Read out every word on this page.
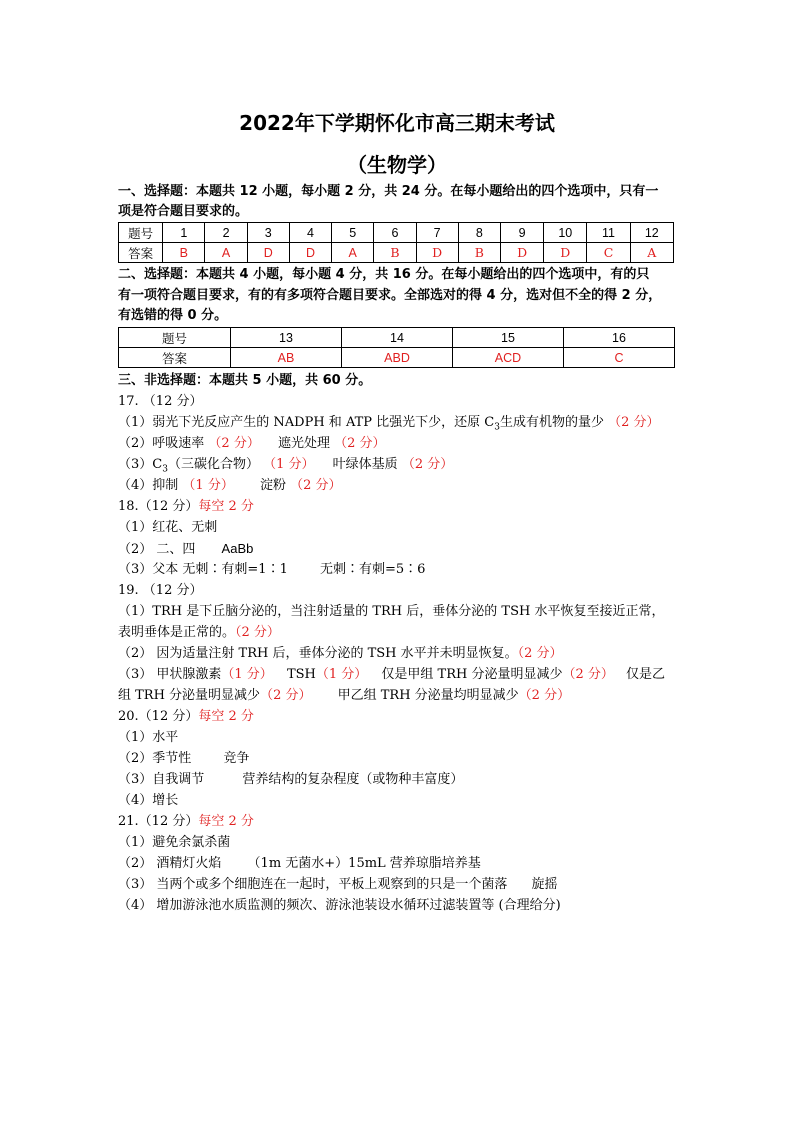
2022年下学期怀化市高三期末考试
（生物学）
一、选择题：本题共 12 小题，每小题 2 分，共 24 分。在每小题给出的四个选项中，只有一
项是符合题目要求的。
题号	1	2	3	4	5	6	7	8	9	10	11	12
答案	B	A	D	D	A	B	D	B	D	D	C	A
二、选择题：本题共 4 小题，每小题 4 分，共 16 分。在每小题给出的四个选项中，有的只
有一项符合题目要求，有的有多项符合题目要求。全部选对的得 4 分，选对但不全的得 2 分，
有选错的得 0 分。
题号	13	14	15	16
答案	AB	ABD	ACD	C
三、非选择题：本题共 5 小题，共 60 分。
17. （12 分）
（1）弱光下光反应产生的 NADPH 和 ATP 比强光下少，还原 $C_3$生成有机物的量少 （2 分）
（2）呼吸速率 （2 分） 遮光处理 （2 分）
$(3)C_3$（三碳化合物） （1 分） 叶绿体基质 （2 分）
（4）抑制 （1 分） 淀粉 （2 分）
18.（12 分）每空 2 分
（1）红花、无刺
（2） 二、四 AaBb
（3）父本 无刺∶有刺=1∶1 无刺∶有刺=5∶6
19. （12 分）
（1）TRH 是下丘脑分泌的，当注射适量的 TRH 后，垂体分泌的 TSH 水平恢复至接近正常，
表明垂体是正常的。（2 分）
（2） 因为适量注射 TRH 后，垂体分泌的 TSH 水平并未明显恢复。（2 分）
（3） 甲状腺激素（1 分） TSH（1 分） 仅是甲组 TRH 分泌量明显减少（2 分） 仅是乙
组 TRH 分泌量明显减少（2 分） 甲乙组 TRH 分泌量均明显减少（2 分）
20.（12 分）每空 2 分
（1）水平
（2）季节性 竞争
（3）自我调节	营养结构的复杂程度（或物种丰富度）
（4）增长
21.（12 分）每空 2 分
（1）避免余氯杀菌
（2） 酒精灯火焰 （1m 无菌水+）15mL 营养琼脂培养基
（3） 当两个或多个细胞连在一起时，平板上观察到的只是一个菌落 旋摇
（4） 增加游泳池水质监测的频次、游泳池装设水循环过滤装置等 (合理给分)
